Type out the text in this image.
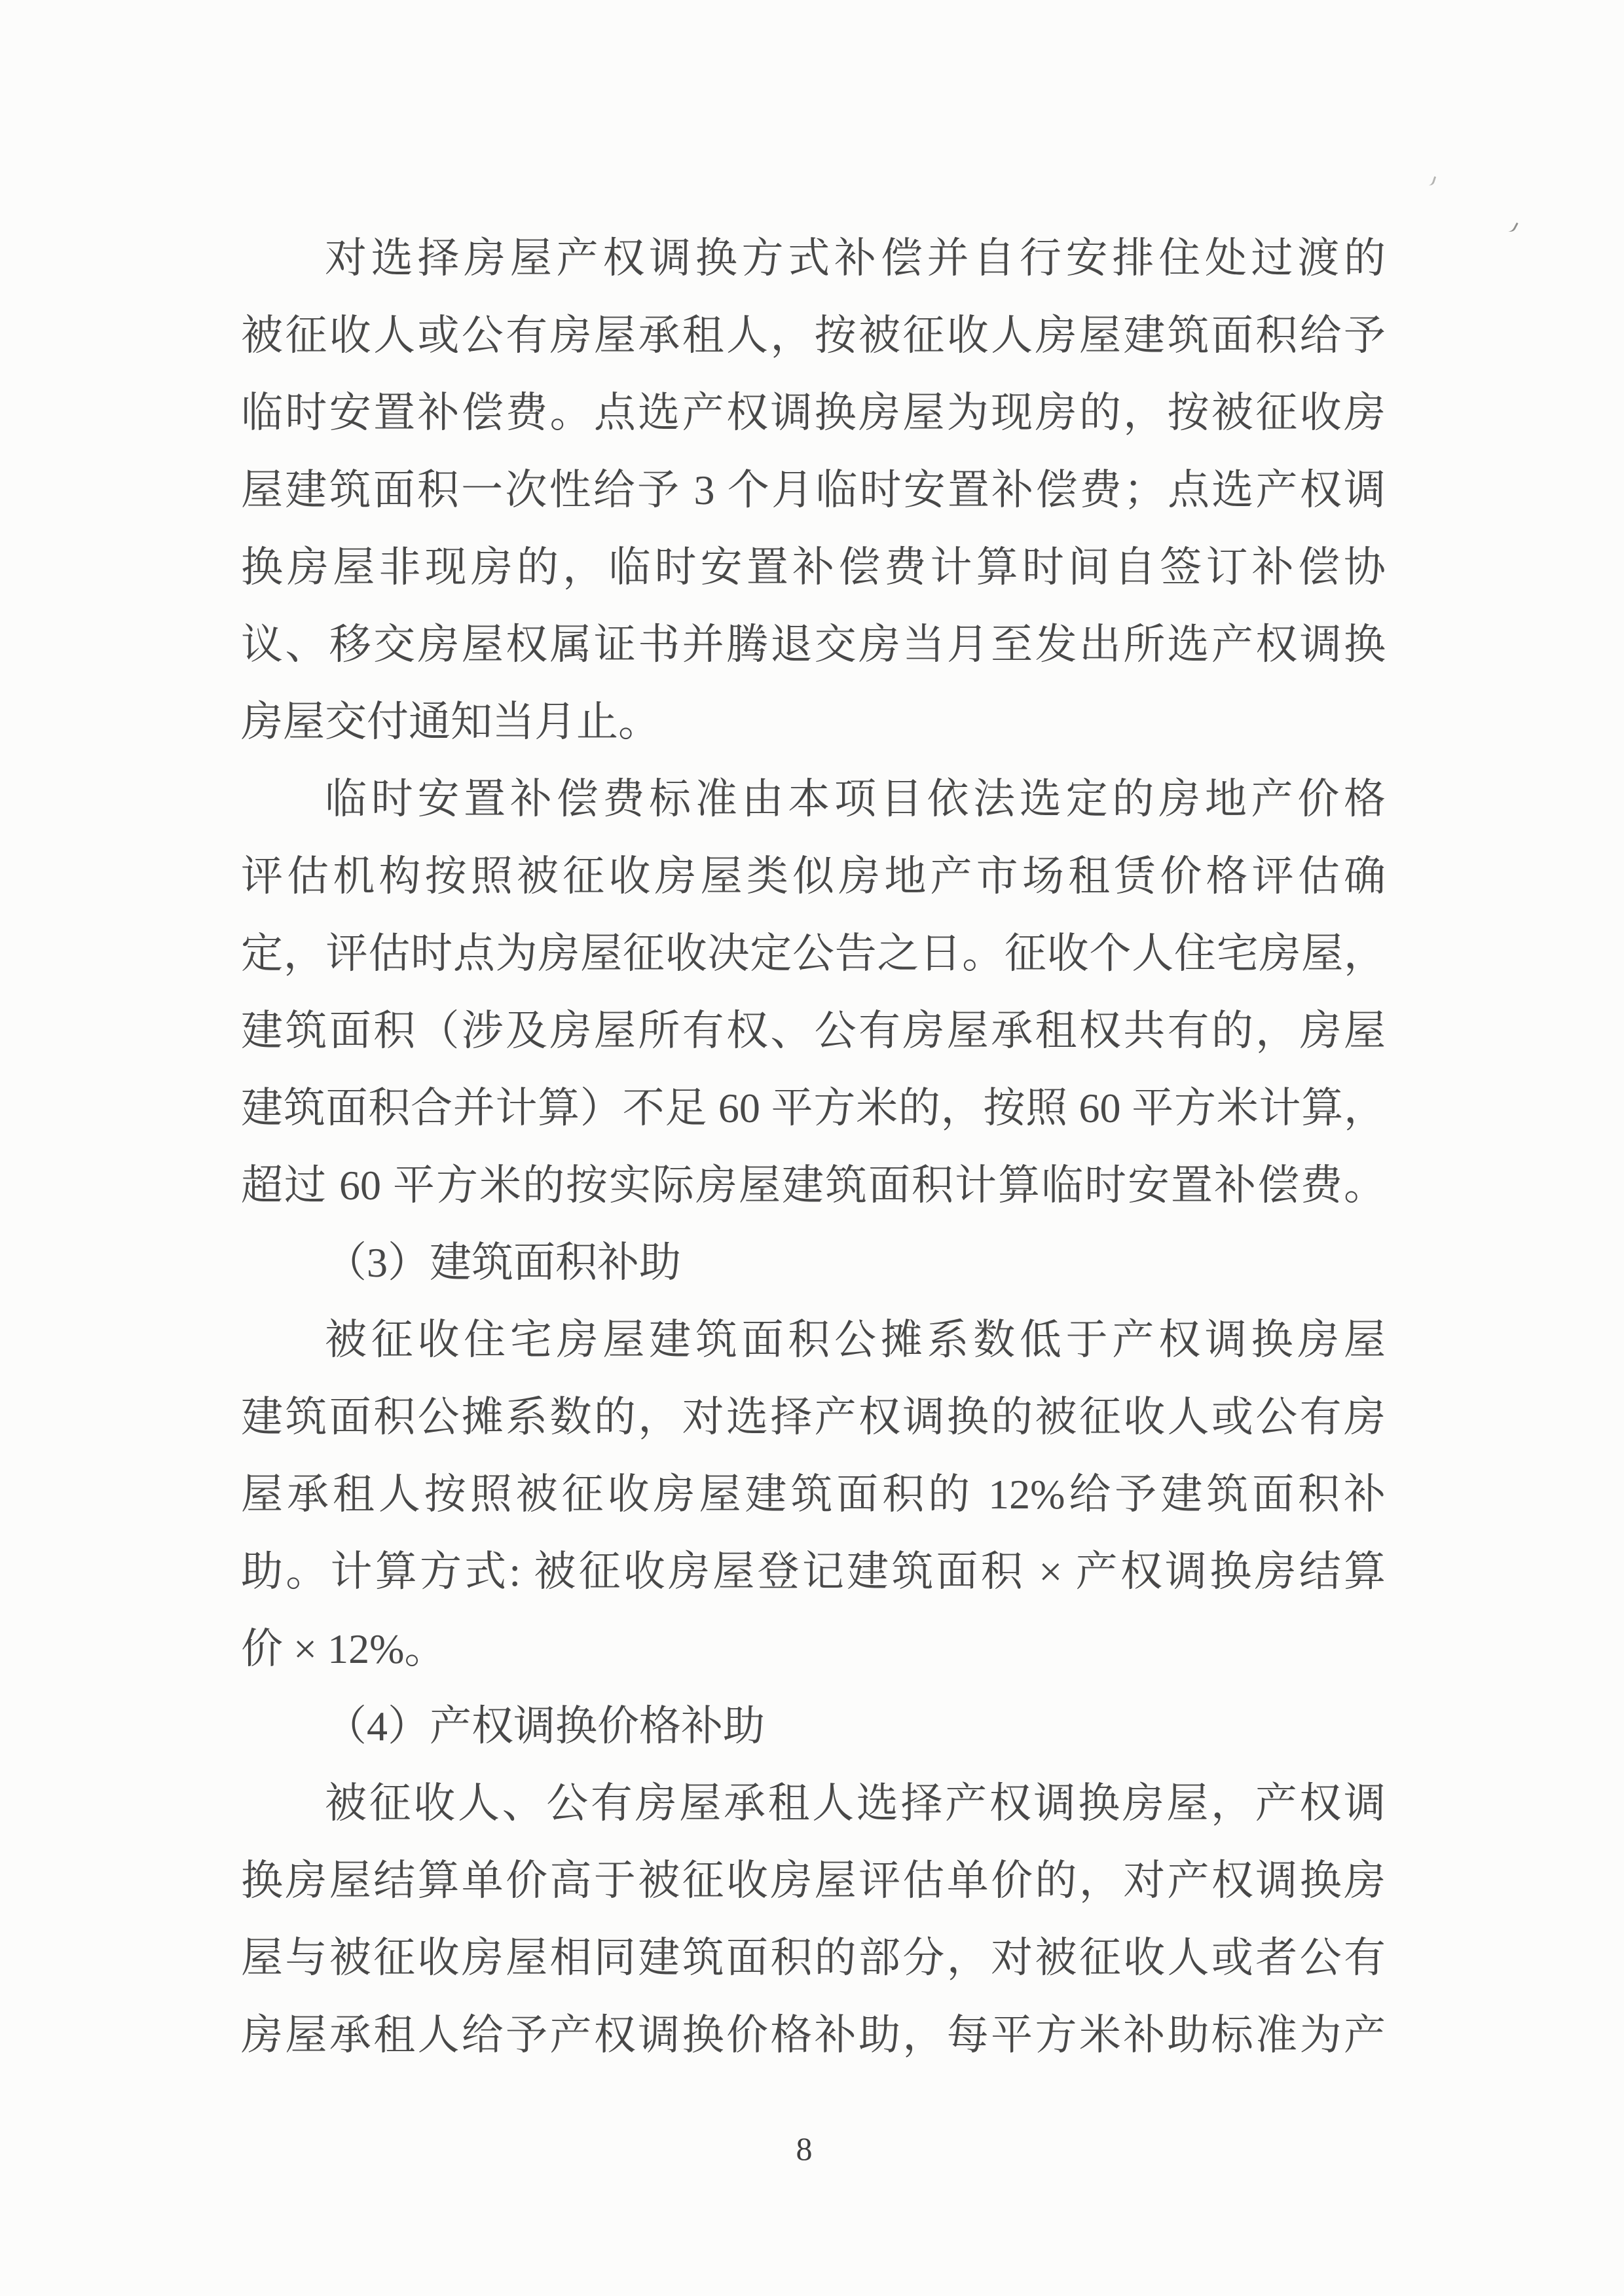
对选择房屋产权调换方式补偿并自行安排住处过渡的
被征收人或公有房屋承租人，按被征收人房屋建筑面积给予
临时安置补偿费。点选产权调换房屋为现房的，按被征收房
屋建筑面积一次性给予 3 个月临时安置补偿费；点选产权调
换房屋非现房的，临时安置补偿费计算时间自签订补偿协
议、移交房屋权属证书并腾退交房当月至发出所选产权调换
房屋交付通知当月止。
临时安置补偿费标准由本项目依法选定的房地产价格
评估机构按照被征收房屋类似房地产市场租赁价格评估确
定，评估时点为房屋征收决定公告之日。征收个人住宅房屋，
建筑面积（涉及房屋所有权、公有房屋承租权共有的，房屋
建筑面积合并计算）不足 60 平方米的，按照 60 平方米计算，
超过 60 平方米的按实际房屋建筑面积计算临时安置补偿费。
（3）建筑面积补助
被征收住宅房屋建筑面积公摊系数低于产权调换房屋
建筑面积公摊系数的，对选择产权调换的被征收人或公有房
屋承租人按照被征收房屋建筑面积的 12%给予建筑面积补
助。计算方式: 被征收房屋登记建筑面积 × 产权调换房结算
价 × 12%。
（4）产权调换价格补助
被征收人、公有房屋承租人选择产权调换房屋，产权调
换房屋结算单价高于被征收房屋评估单价的，对产权调换房
屋与被征收房屋相同建筑面积的部分，对被征收人或者公有
房屋承租人给予产权调换价格补助，每平方米补助标准为产
8
